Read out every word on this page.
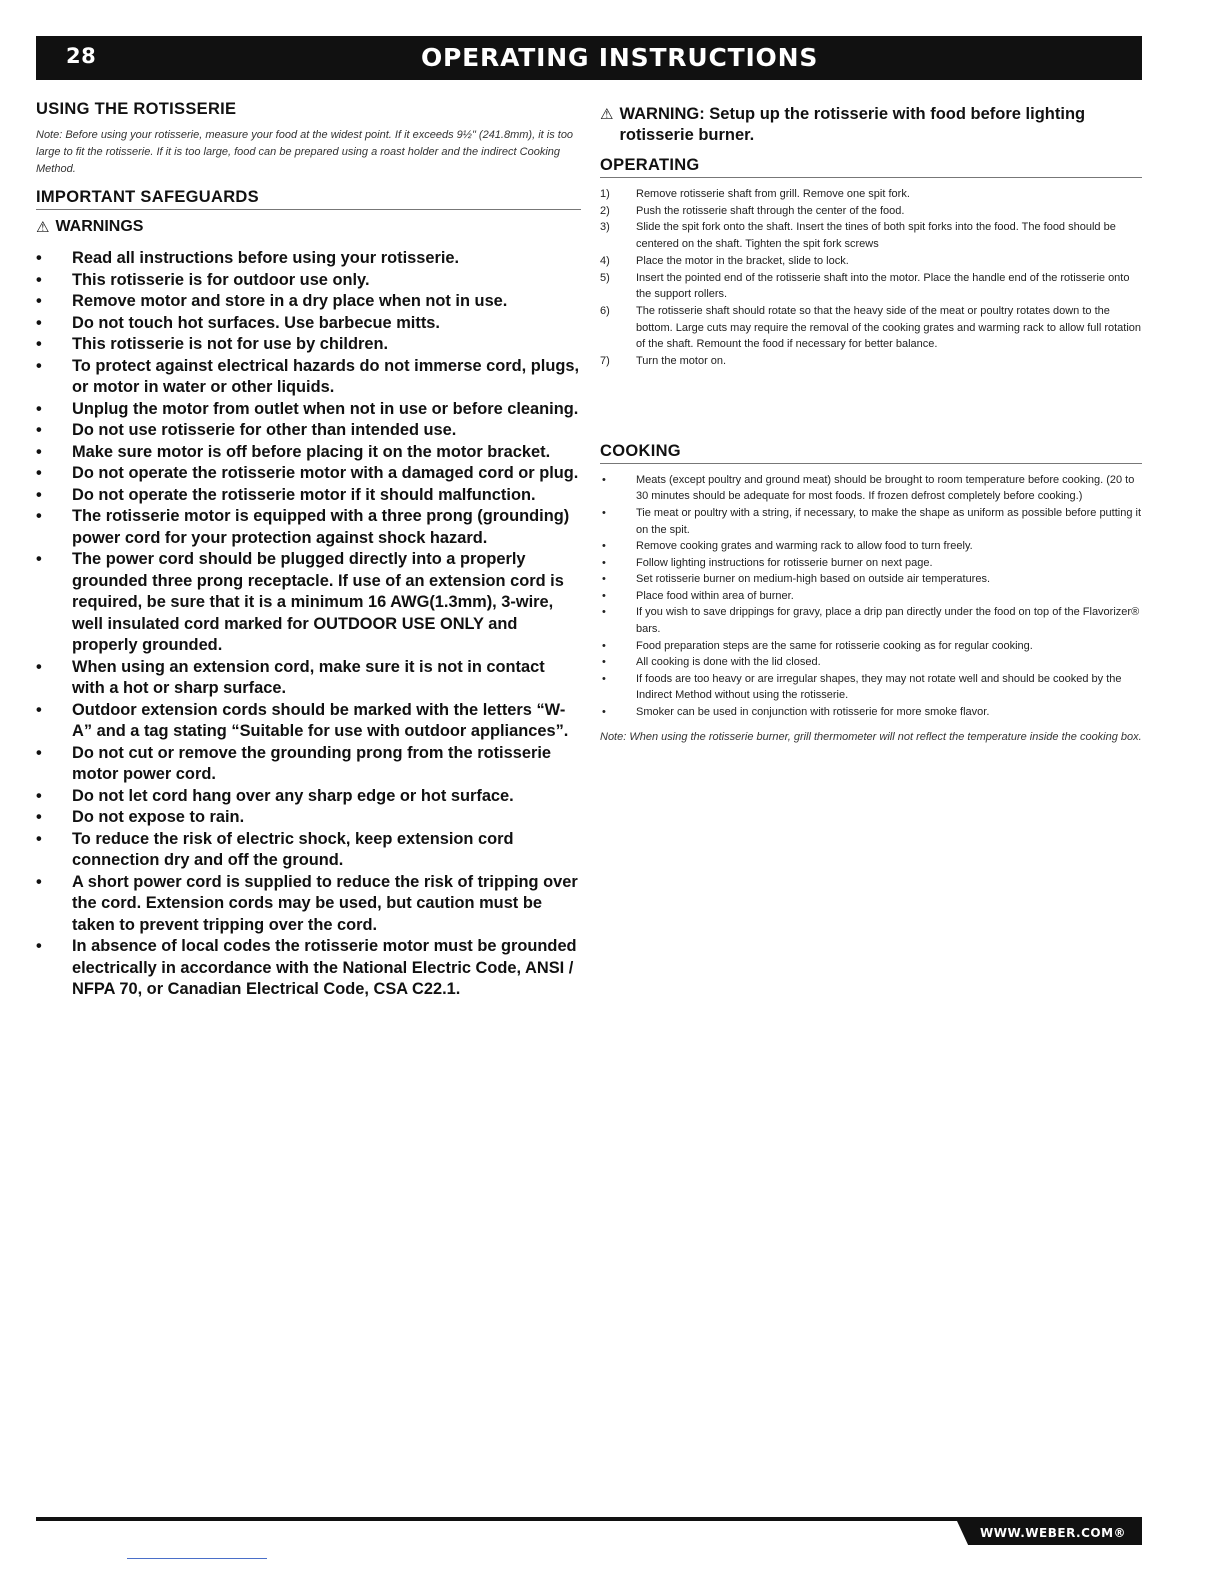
28	OPERATING INSTRUCTIONS
USING THE ROTISSERIE

Note: Before using your rotisserie, measure your food at the widest point. If it exceeds 9½" (241.8mm), it is too large to fit the rotisserie. If it is too large, food can be prepared using a roast holder and the indirect Cooking Method.

IMPORTANT SAFEGUARDS
⚠ WARNINGS
• Read all instructions before using your rotisserie.
• This rotisserie is for outdoor use only.
• Remove motor and store in a dry place when not in use.
• Do not touch hot surfaces. Use barbecue mitts.
• This rotisserie is not for use by children.
• To protect against electrical hazards do not immerse cord, plugs, or motor in water or other liquids.
• Unplug the motor from outlet when not in use or before cleaning.
• Do not use rotisserie for other than intended use.
• Make sure motor is off before placing it on the motor bracket.
• Do not operate the rotisserie motor with a damaged cord or plug.
• Do not operate the rotisserie motor if it should malfunction.
• The rotisserie motor is equipped with a three prong (grounding) power cord for your protection against shock hazard.
• The power cord should be plugged directly into a properly grounded three prong receptacle. If use of an extension cord is required, be sure that it is a minimum 16 AWG(1.3mm), 3-wire, well insulated cord marked for OUTDOOR USE ONLY and properly grounded.
• When using an extension cord, make sure it is not in contact with a hot or sharp surface.
• Outdoor extension cords should be marked with the letters “W-A” and a tag stating “Suitable for use with outdoor appliances”.
• Do not cut or remove the grounding prong from the rotisserie motor power cord.
• Do not let cord hang over any sharp edge or hot surface.
• Do not expose to rain.
• To reduce the risk of electric shock, keep extension cord connection dry and off the ground.
• A short power cord is supplied to reduce the risk of tripping over the cord. Extension cords may be used, but caution must be taken to prevent tripping over the cord.
• In absence of local codes the rotisserie motor must be grounded electrically in accordance with the National Electric Code, ANSI / NFPA 70, or Canadian Electrical Code, CSA C22.1.
⚠ WARNING: Setup up the rotisserie with food before lighting rotisserie burner.
OPERATING
1) Remove rotisserie shaft from grill. Remove one spit fork.
2) Push the rotisserie shaft through the center of the food.
3) Slide the spit fork onto the shaft. Insert the tines of both spit forks into the food. The food should be centered on the shaft. Tighten the spit fork screws
4) Place the motor in the bracket, slide to lock.
5) Insert the pointed end of the rotisserie shaft into the motor. Place the handle end of the rotisserie onto the support rollers.
6) The rotisserie shaft should rotate so that the heavy side of the meat or poultry rotates down to the bottom. Large cuts may require the removal of the cooking grates and warming rack to allow full rotation of the shaft. Remount the food if necessary for better balance.
7) Turn the motor on.
COOKING
• Meats (except poultry and ground meat) should be brought to room temperature before cooking. (20 to 30 minutes should be adequate for most foods. If frozen defrost completely before cooking.)
• Tie meat or poultry with a string, if necessary, to make the shape as uniform as possible before putting it on the spit.
• Remove cooking grates and warming rack to allow food to turn freely.
• Follow lighting instructions for rotisserie burner on next page.
• Set rotisserie burner on medium-high based on outside air temperatures.
• Place food within area of burner.
• If you wish to save drippings for gravy, place a drip pan directly under the food on top of the Flavorizer® bars.
• Food preparation steps are the same for rotisserie cooking as for regular cooking.
• All cooking is done with the lid closed.
• If foods are too heavy or are irregular shapes, they may not rotate well and should be cooked by the Indirect Method without using the rotisserie.
• Smoker can be used in conjunction with rotisserie for more smoke flavor.

Note: When using the rotisserie burner, grill thermometer will not reflect the temperature inside the cooking box.

WWW.WEBER.COM®
